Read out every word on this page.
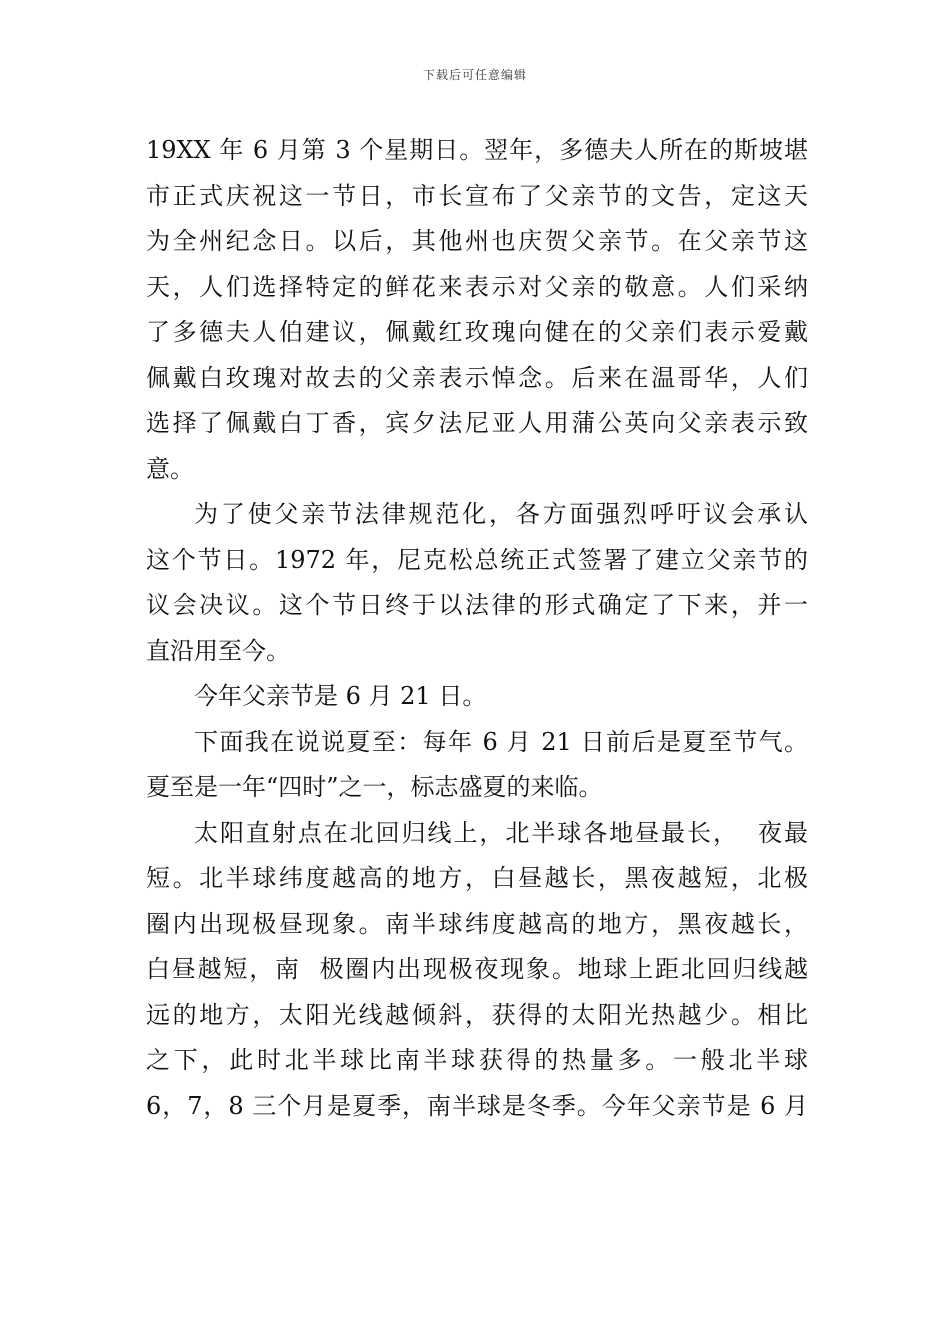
下载后可任意编辑

19XX 年 6 月第 3 个星期日。翌年，多德夫人所在的斯坡堪
市正式庆祝这一节日，市长宣布了父亲节的文告，定这天
为全州纪念日。以后，其他州也庆贺父亲节。在父亲节这
天，人们选择特定的鲜花来表示对父亲的敬意。人们采纳
了多德夫人伯建议，佩戴红玫瑰向健在的父亲们表示爱戴
佩戴白玫瑰对故去的父亲表示悼念。后来在温哥华，人们
选择了佩戴白丁香，宾夕法尼亚人用蒲公英向父亲表示致
意。

为了使父亲节法律规范化，各方面强烈呼吁议会承认
这个节日。1972 年，尼克松总统正式签署了建立父亲节的
议会决议。这个节日终于以法律的形式确定了下来，并一
直沿用至今。

今年父亲节是 6 月 21 日。

下面我在说说夏至：每年 6 月 21 日前后是夏至节气。
夏至是一年“四时”之一，标志盛夏的来临。

太阳直射点在北回归线上，北半球各地昼最长，  夜最
短。北半球纬度越高的地方，白昼越长，黑夜越短，北极
圈内出现极昼现象。南半球纬度越高的地方，黑夜越长，
白昼越短，南  极圈内出现极夜现象。地球上距北回归线越
远的地方，太阳光线越倾斜，获得的太阳光热越少。相比
之下，此时北半球比南半球获得的热量多。一般北半球
6，7，8 三个月是夏季，南半球是冬季。今年父亲节是 6 月
